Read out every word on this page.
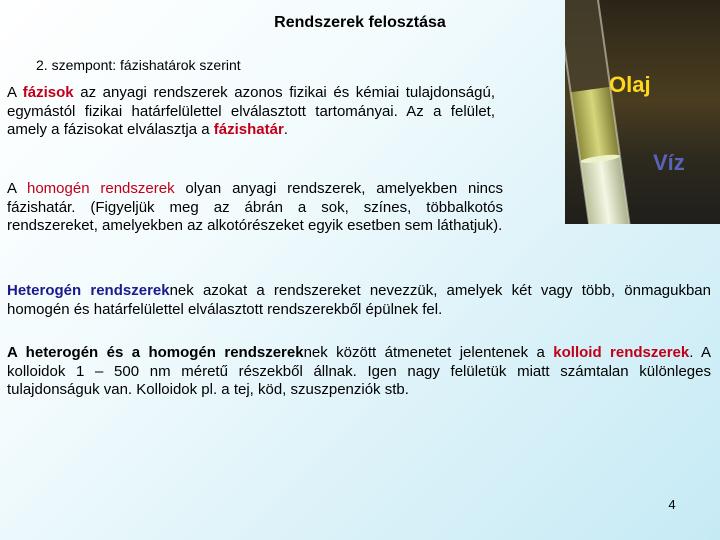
Rendszerek felosztása
2. szempont: fázishatárok szerint
A fázisok az anyagi rendszerek azonos fizikai és kémiai tulajdonságú, egymástól fizikai határfelülettel elválasztott tartományai. Az a felület, amely a fázisokat elválasztja a fázishatár.
A homogén rendszerek olyan anyagi rendszerek, amelyekben nincs fázishatár. (Figyeljük meg az ábrán a sok, színes, többalkotós rendszereket, amelyekben az alkotórészeket egyik esetben sem láthatjuk).
Heterogén rendszereknek azokat a rendszereket nevezzük, amelyek két vagy több, önmagukban homogén és határfelülettel elválasztott rendszerekből épülnek fel.
A heterogén és a homogén rendszereknek között átmenetet jelentenek a kolloid rendszerek. A kolloidok 1 – 500 nm méretű részekből állnak. Igen nagy felületük miatt számtalan különleges tulajdonságuk van. Kolloidok pl. a tej, köd, szuszpenziók stb.
Olaj
Víz
4
